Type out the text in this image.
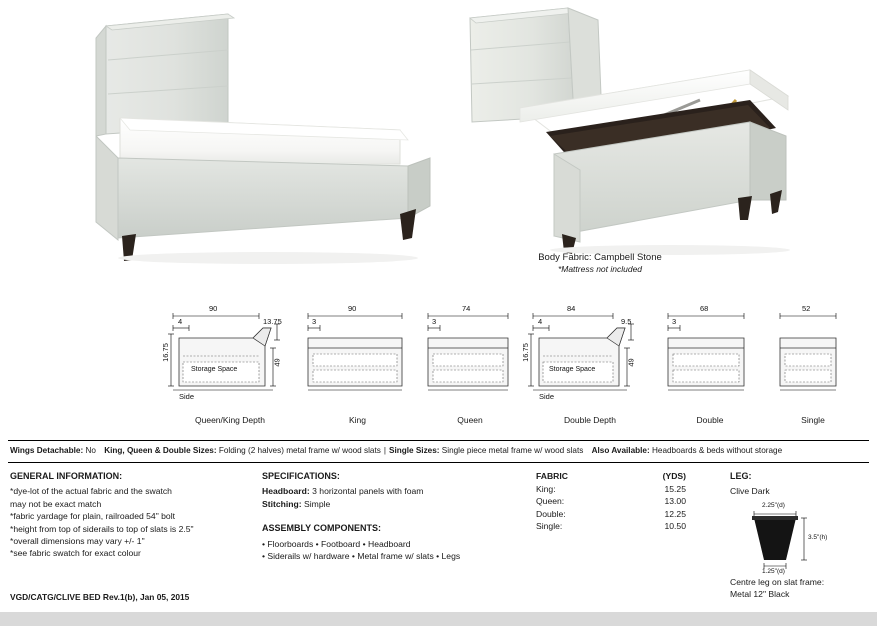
Body Fabric: Campbell Stone
*Mattress not included
90
4	13.75
16.75
49
Storage Space
Side
Queen/King Depth
90
3
King
74
3
Queen
84
4	9.5
16.75
49
Storage Space
Side
Double Depth
68
3
Double
52
Single
Wings Detachable: No King, Queen & Double Sizes: Folding (2 halves) metal frame w/ wood slats | Single Sizes: Single piece metal frame w/ wood slats Also Available: Headboards & beds without storage
GENERAL INFORMATION:

*dye-lot of the actual fabric and the swatch

may not be exact match

*fabric yardage for plain, railroaded 54" bolt

*height from top of siderails to top of slats is 2.5"

*overall dimensions may vary +/- 1"

*see fabric swatch for exact colour

SPECIFICATIONS:

Headboard: 3 horizontal panels with foam

Stitching: Simple

ASSEMBLY COMPONENTS:

• Floorboards • Footboard • Headboard

• Siderails w/ hardware • Metal frame w/ slats • Legs

FABRIC	(YDS)
King:	15.25
Queen:	13.00
Double:	12.25
Single:	10.50
LEG:

Clive Dark

2.25"(d)
3.5"(h)
1.25"(d)
Centre leg on slat frame:
Metal 12" Black
VGD/CATG/CLIVE BED Rev.1(b), Jan 05, 2015
